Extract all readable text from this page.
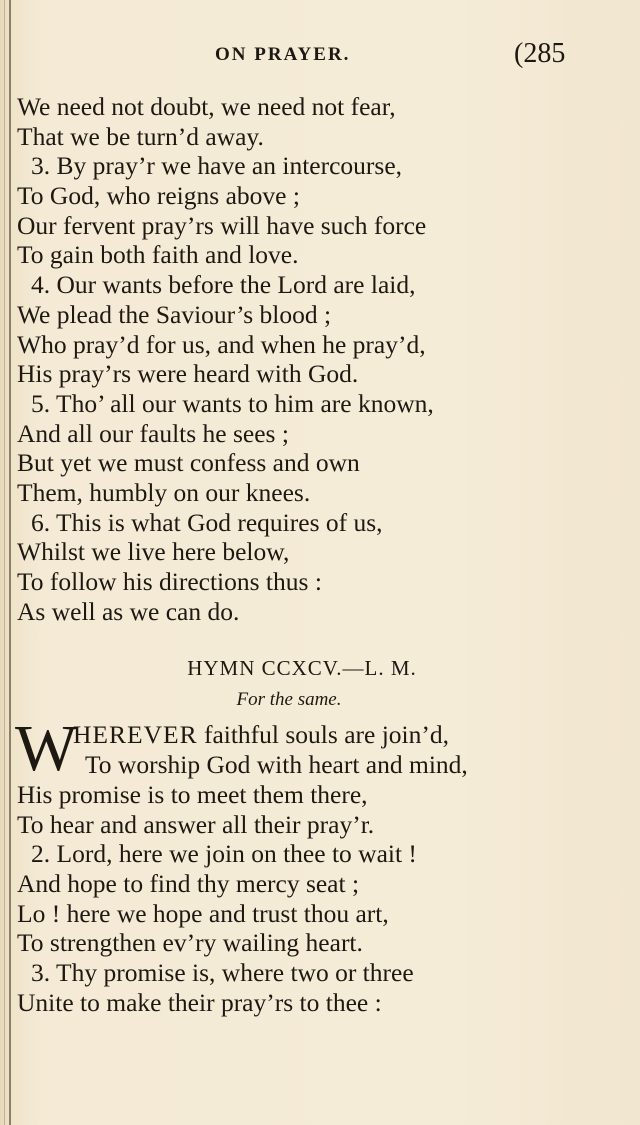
ON PRAYER.	(285
We need not doubt, we need not fear,
That we be turn’d away.
3. By pray’r we have an intercourse,
To God, who reigns above ;
Our fervent pray’rs will have such force
To gain both faith and love.
4. Our wants before the Lord are laid,
We plead the Saviour’s blood ;
Who pray’d for us, and when he pray’d,
His pray’rs were heard with God.
5. Tho’ all our wants to him are known,
And all our faults he sees ;
But yet we must confess and own
Them, humbly on our knees.
6. This is what God requires of us,
Whilst we live here below,
To follow his directions thus :
As well as we can do.
HYMN CCXCV.—L. M.
For the same.
W
HEREVER faithful souls are join’d,
To worship God with heart and mind,
His promise is to meet them there,
To hear and answer all their pray’r.
2. Lord, here we join on thee to wait !
And hope to find thy mercy seat ;
Lo ! here we hope and trust thou art,
To strengthen ev’ry wailing heart.
3. Thy promise is, where two or three
Unite to make their pray’rs to thee :
